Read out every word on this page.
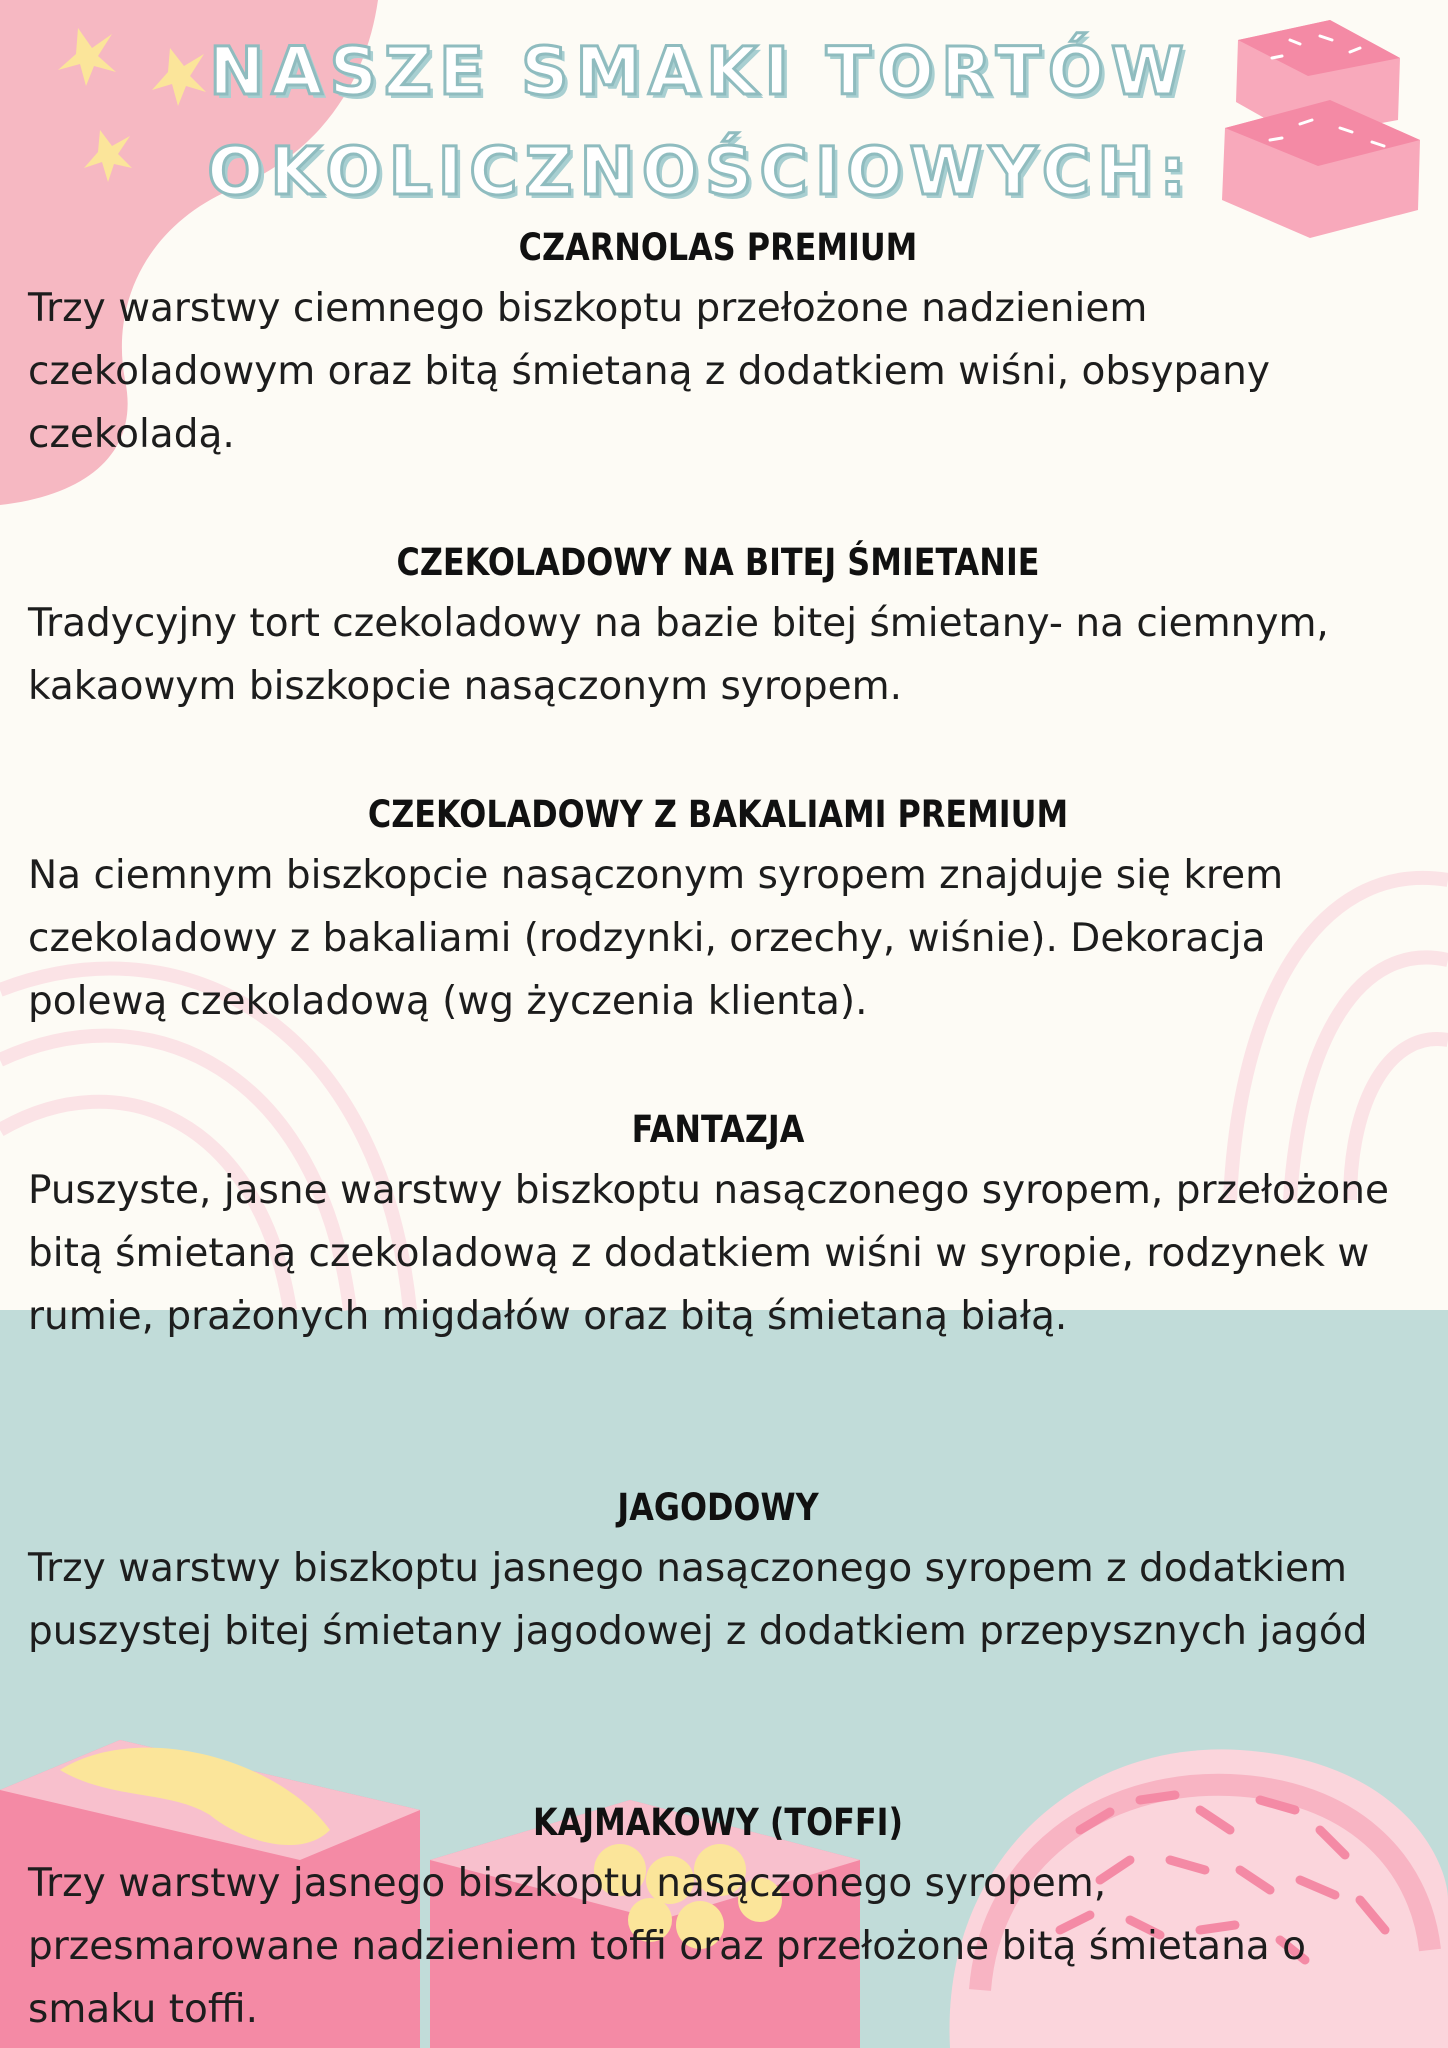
NASZE SMAKI TORTÓW
OKOLICZNOŚCIOWYCH:
CZARNOLAS PREMIUM

Trzy warstwy ciemnego biszkoptu przełożone nadzieniem czekoladowym oraz bitą śmietaną z dodatkiem wiśni, obsypany czekoladą.

CZEKOLADOWY NA BITEJ ŚMIETANIE

Tradycyjny tort czekoladowy na bazie bitej śmietany- na ciemnym, kakaowym biszkopcie nasączonym syropem.

CZEKOLADOWY Z BAKALIAMI PREMIUM

Na ciemnym biszkopcie nasączonym syropem znajduje się krem czekoladowy z bakaliami (rodzynki, orzechy, wiśnie). Dekoracja polewą czekoladową (wg życzenia klienta).

FANTAZJA

Puszyste, jasne warstwy biszkoptu nasączonego syropem, przełożone bitą śmietaną czekoladową z dodatkiem wiśni w syropie, rodzynek w rumie, prażonych migdałów oraz bitą śmietaną białą.

JAGODOWY

Trzy warstwy biszkoptu jasnego nasączonego syropem z dodatkiem puszystej bitej śmietany jagodowej z dodatkiem przepysznych jagód

KAJMAKOWY (TOFFI)

Trzy warstwy jasnego biszkoptu nasączonego syropem, przesmarowane nadzieniem toffi oraz przełożone bitą śmietana o smaku toffi.
